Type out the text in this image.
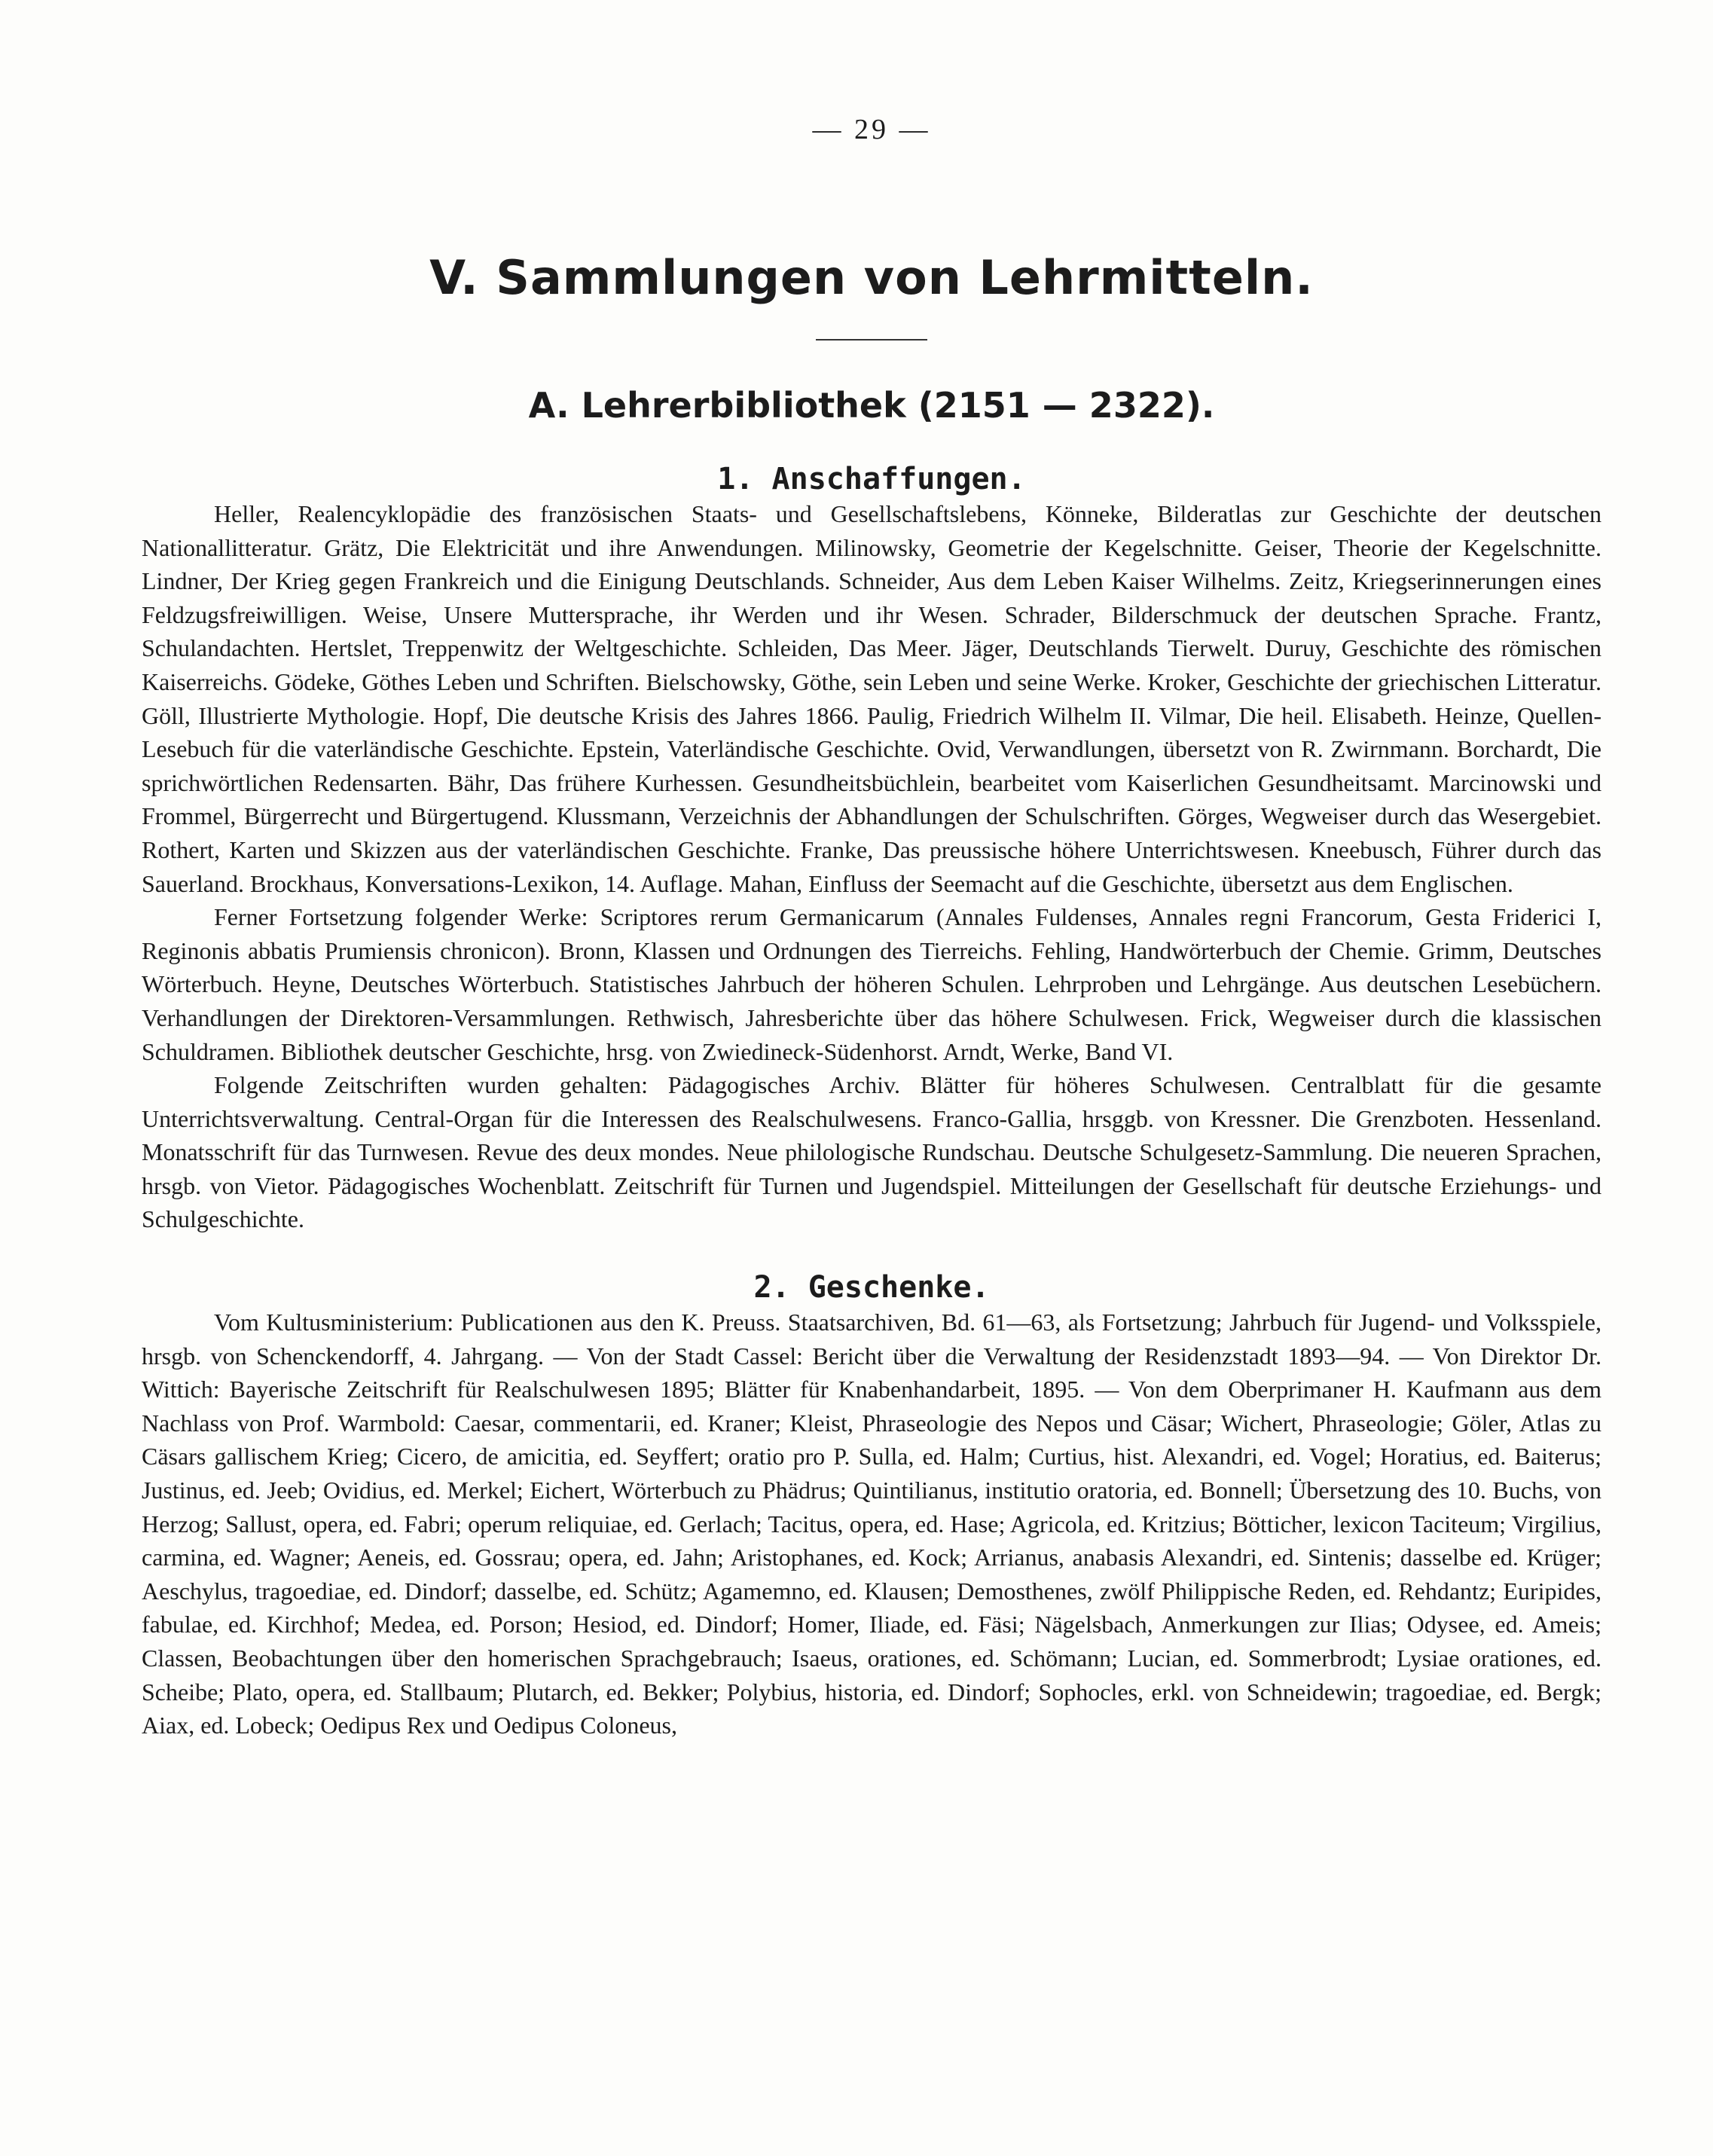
— 29 —

V. Sammlungen von Lehrmitteln.
A. Lehrerbibliothek (2151 — 2322).
1. Anschaffungen.

Heller, Realencyklopädie des französischen Staats- und Gesellschaftslebens, Könneke, Bilderatlas zur Geschichte der deutschen Nationallitteratur. Grätz, Die Elektricität und ihre Anwendungen. Milinowsky, Geometrie der Kegelschnitte. Geiser, Theorie der Kegelschnitte. Lindner, Der Krieg gegen Frankreich und die Einigung Deutschlands. Schneider, Aus dem Leben Kaiser Wilhelms. Zeitz, Kriegserinnerungen eines Feldzugsfreiwilligen. Weise, Unsere Muttersprache, ihr Werden und ihr Wesen. Schrader, Bilderschmuck der deutschen Sprache. Frantz, Schulandachten. Hertslet, Treppenwitz der Weltgeschichte. Schleiden, Das Meer. Jäger, Deutschlands Tierwelt. Duruy, Geschichte des römischen Kaiserreichs. Gödeke, Göthes Leben und Schriften. Bielschowsky, Göthe, sein Leben und seine Werke. Kroker, Geschichte der griechischen Litteratur. Göll, Illustrierte Mythologie. Hopf, Die deutsche Krisis des Jahres 1866. Paulig, Friedrich Wilhelm II. Vilmar, Die heil. Elisabeth. Heinze, Quellen-Lesebuch für die vaterländische Geschichte. Epstein, Vaterländische Geschichte. Ovid, Verwandlungen, übersetzt von R. Zwirnmann. Borchardt, Die sprichwörtlichen Redensarten. Bähr, Das frühere Kurhessen. Gesundheitsbüchlein, bearbeitet vom Kaiserlichen Gesundheitsamt. Marcinowski und Frommel, Bürgerrecht und Bürgertugend. Klussmann, Verzeichnis der Abhandlungen der Schulschriften. Görges, Wegweiser durch das Wesergebiet. Rothert, Karten und Skizzen aus der vaterländischen Geschichte. Franke, Das preussische höhere Unterrichtswesen. Kneebusch, Führer durch das Sauerland. Brockhaus, Konversations-Lexikon, 14. Auflage. Mahan, Einfluss der Seemacht auf die Geschichte, übersetzt aus dem Englischen.

Ferner Fortsetzung folgender Werke: Scriptores rerum Germanicarum (Annales Fuldenses, Annales regni Francorum, Gesta Friderici I, Reginonis abbatis Prumiensis chronicon). Bronn, Klassen und Ordnungen des Tierreichs. Fehling, Handwörterbuch der Chemie. Grimm, Deutsches Wörterbuch. Heyne, Deutsches Wörterbuch. Statistisches Jahrbuch der höheren Schulen. Lehrproben und Lehrgänge. Aus deutschen Lesebüchern. Verhandlungen der Direktoren-Versammlungen. Rethwisch, Jahresberichte über das höhere Schulwesen. Frick, Wegweiser durch die klassischen Schuldramen. Bibliothek deutscher Geschichte, hrsg. von Zwiedineck-Südenhorst. Arndt, Werke, Band VI.

Folgende Zeitschriften wurden gehalten: Pädagogisches Archiv. Blätter für höheres Schulwesen. Centralblatt für die gesamte Unterrichtsverwaltung. Central-Organ für die Interessen des Realschulwesens. Franco-Gallia, hrsggb. von Kressner. Die Grenzboten. Hessenland. Monatsschrift für das Turnwesen. Revue des deux mondes. Neue philologische Rundschau. Deutsche Schulgesetz-Sammlung. Die neueren Sprachen, hrsgb. von Vietor. Pädagogisches Wochenblatt. Zeitschrift für Turnen und Jugendspiel. Mitteilungen der Gesellschaft für deutsche Erziehungs- und Schulgeschichte.

2. Geschenke.

Vom Kultusministerium: Publicationen aus den K. Preuss. Staatsarchiven, Bd. 61—63, als Fortsetzung; Jahrbuch für Jugend- und Volksspiele, hrsgb. von Schenckendorff, 4. Jahrgang. — Von der Stadt Cassel: Bericht über die Verwaltung der Residenzstadt 1893—94. — Von Direktor Dr. Wittich: Bayerische Zeitschrift für Realschulwesen 1895; Blätter für Knabenhandarbeit, 1895. — Von dem Oberprimaner H. Kaufmann aus dem Nachlass von Prof. Warmbold: Caesar, commentarii, ed. Kraner; Kleist, Phraseologie des Nepos und Cäsar; Wichert, Phraseologie; Göler, Atlas zu Cäsars gallischem Krieg; Cicero, de amicitia, ed. Seyffert; oratio pro P. Sulla, ed. Halm; Curtius, hist. Alexandri, ed. Vogel; Horatius, ed. Baiterus; Justinus, ed. Jeeb; Ovidius, ed. Merkel; Eichert, Wörterbuch zu Phädrus; Quintilianus, institutio oratoria, ed. Bonnell; Übersetzung des 10. Buchs, von Herzog; Sallust, opera, ed. Fabri; operum reliquiae, ed. Gerlach; Tacitus, opera, ed. Hase; Agricola, ed. Kritzius; Bötticher, lexicon Taciteum; Virgilius, carmina, ed. Wagner; Aeneis, ed. Gossrau; opera, ed. Jahn; Aristophanes, ed. Kock; Arrianus, anabasis Alexandri, ed. Sintenis; dasselbe ed. Krüger; Aeschylus, tragoediae, ed. Dindorf; dasselbe, ed. Schütz; Agamemno, ed. Klausen; Demosthenes, zwölf Philippische Reden, ed. Rehdantz; Euripides, fabulae, ed. Kirchhof; Medea, ed. Porson; Hesiod, ed. Dindorf; Homer, Iliade, ed. Fäsi; Nägelsbach, Anmerkungen zur Ilias; Odysee, ed. Ameis; Classen, Beobachtungen über den homerischen Sprachgebrauch; Isaeus, orationes, ed. Schömann; Lucian, ed. Sommerbrodt; Lysiae orationes, ed. Scheibe; Plato, opera, ed. Stallbaum; Plutarch, ed. Bekker; Polybius, historia, ed. Dindorf; Sophocles, erkl. von Schneidewin; tragoediae, ed. Bergk; Aiax, ed. Lobeck; Oedipus Rex und Oedipus Coloneus,
